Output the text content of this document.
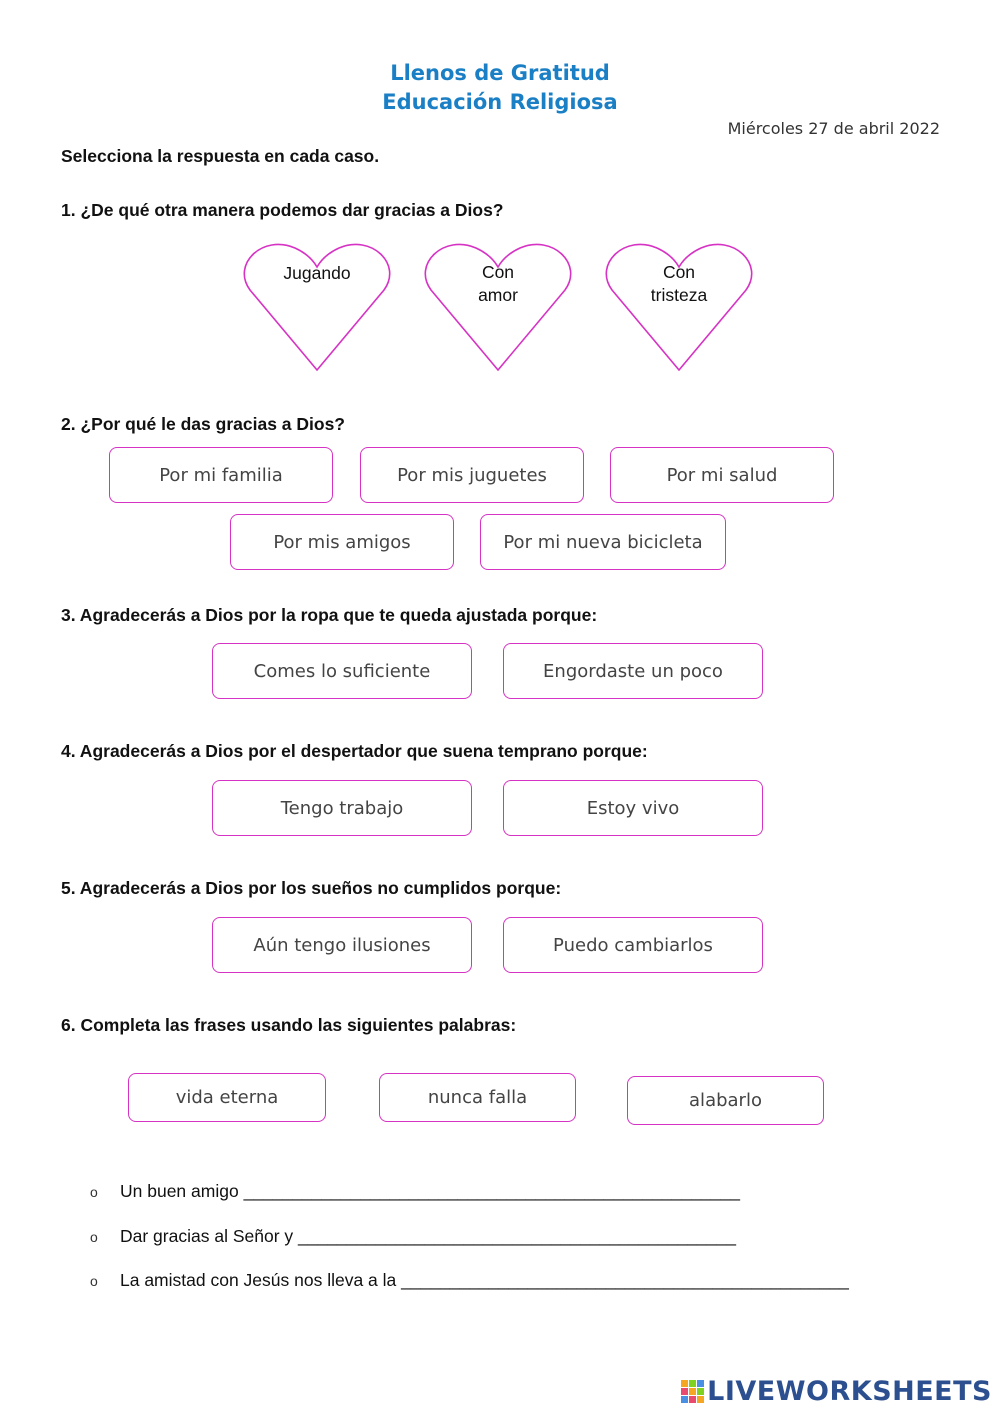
Llenos de Gratitud
Educación Religiosa
Miércoles 27 de abril 2022
Selecciona la respuesta en cada caso.
1. ¿De qué otra manera podemos dar gracias a Dios?
Jugando	Con
amor
Con
tristeza
2. ¿Por qué le das gracias a Dios?
Por mi familia	Por mis juguetes	Por mi salud
Por mis amigos	Por mi nueva bicicleta
3. Agradecerás a Dios por la ropa que te queda ajustada porque:
Comes lo suficiente	Engordaste un poco
4. Agradecerás a Dios por el despertador que suena temprano porque:
Tengo trabajo	Estoy vivo
5. Agradecerás a Dios por los sueños no cumplidos porque:
Aún tengo ilusiones	Puedo cambiarlos
6. Completa las frases usando las siguientes palabras:
vida eterna	nunca falla	alabarlo
o Un buen amigo ___________________________________________________
o Dar gracias al Señor y _____________________________________________
o La amistad con Jesús nos lleva a la ______________________________________________
LIVEWORKSHEETS
